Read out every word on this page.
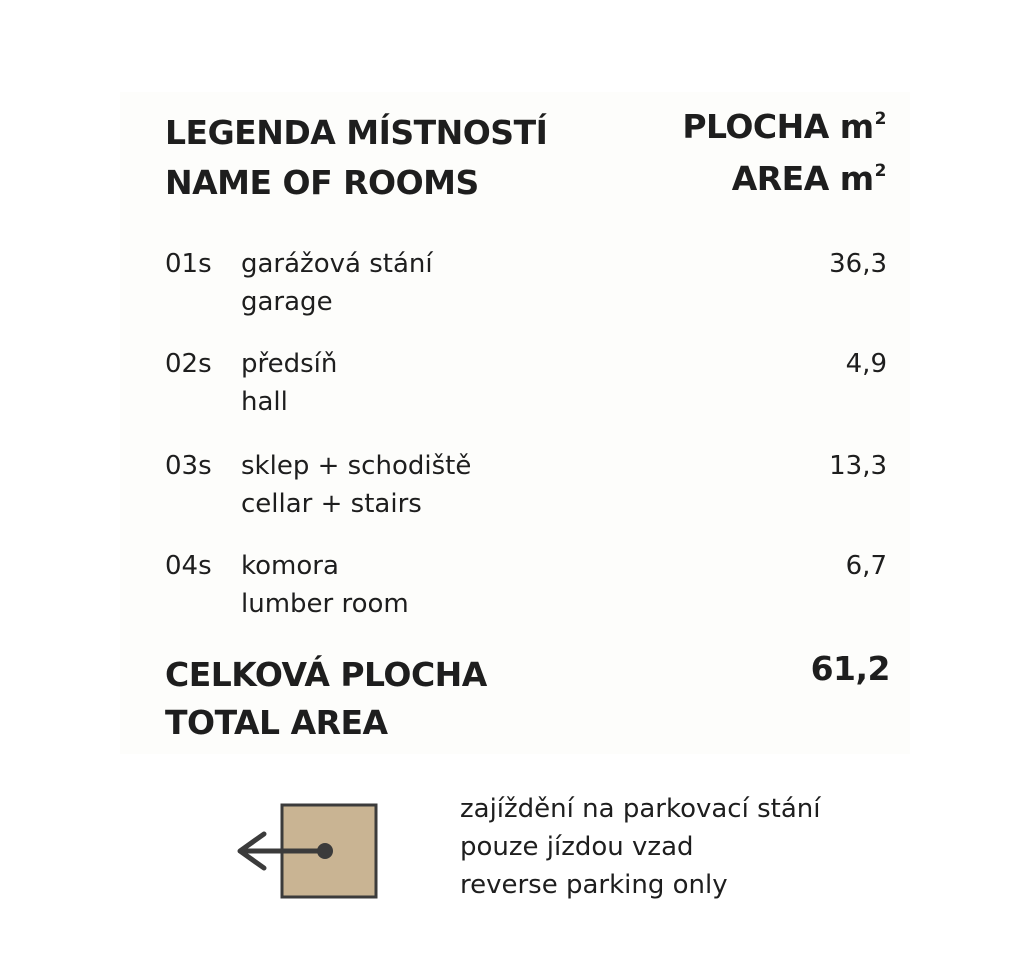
LEGENDA MÍSTNOSTÍ
NAME OF ROOMS
PLOCHA $m^2$
AREA $m^2$
01s garážová stání
garage
36,3
02s předsíň
hall
4,9
03s sklep + schodiště
cellar + stairs
13,3
04s komora
lumber room
6,7
CELKOVÁ PLOCHA
TOTAL AREA
61,2
zajíždění na parkovací stání
pouze jízdou vzad
reverse parking only
